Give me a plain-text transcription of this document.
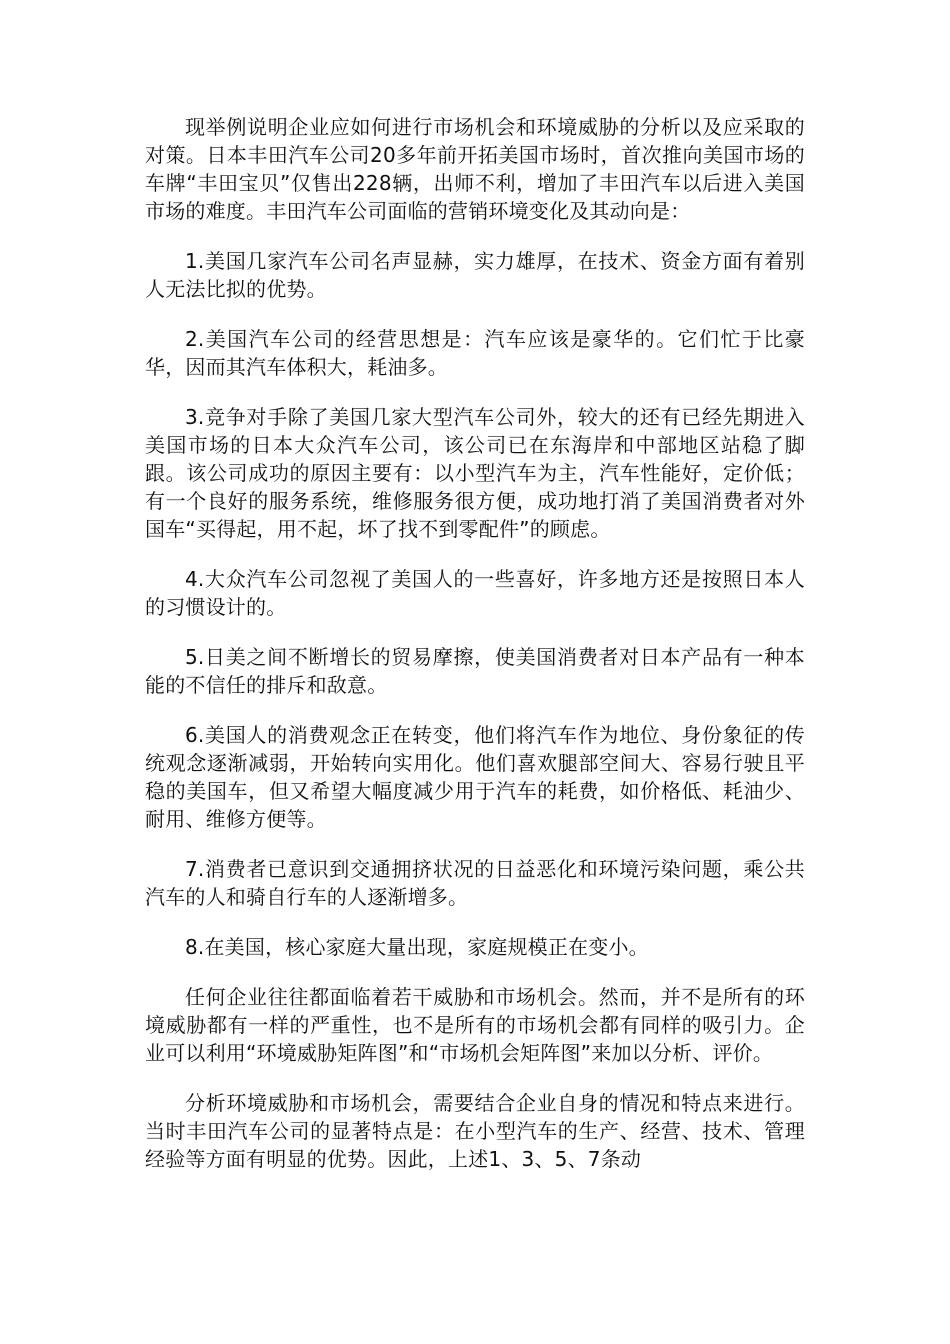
现举例说明企业应如何进行市场机会和环境威胁的分析以及应采取的对策。日本丰田汽车公司20多年前开拓美国市场时，首次推向美国市场的车牌“丰田宝贝”仅售出228辆，出师不利，增加了丰田汽车以后进入美国市场的难度。丰田汽车公司面临的营销环境变化及其动向是：

1.美国几家汽车公司名声显赫，实力雄厚，在技术、资金方面有着别人无法比拟的优势。

2.美国汽车公司的经营思想是：汽车应该是豪华的。它们忙于比豪华，因而其汽车体积大，耗油多。

3.竞争对手除了美国几家大型汽车公司外，较大的还有已经先期进入美国市场的日本大众汽车公司，该公司已在东海岸和中部地区站稳了脚跟。该公司成功的原因主要有：以小型汽车为主，汽车性能好，定价低；有一个良好的服务系统，维修服务很方便，成功地打消了美国消费者对外国车“买得起，用不起，坏了找不到零配件”的顾虑。

4.大众汽车公司忽视了美国人的一些喜好，许多地方还是按照日本人的习惯设计的。

5.日美之间不断增长的贸易摩擦，使美国消费者对日本产品有一种本能的不信任的排斥和敌意。

6.美国人的消费观念正在转变，他们将汽车作为地位、身份象征的传统观念逐渐减弱，开始转向实用化。他们喜欢腿部空间大、容易行驶且平稳的美国车，但又希望大幅度减少用于汽车的耗费，如价格低、耗油少、耐用、维修方便等。

7.消费者已意识到交通拥挤状况的日益恶化和环境污染问题，乘公共汽车的人和骑自行车的人逐渐增多。

8.在美国，核心家庭大量出现，家庭规模正在变小。

任何企业往往都面临着若干威胁和市场机会。然而，并不是所有的环境威胁都有一样的严重性，也不是所有的市场机会都有同样的吸引力。企业可以利用“环境威胁矩阵图”和“市场机会矩阵图”来加以分析、评价。

分析环境威胁和市场机会，需要结合企业自身的情况和特点来进行。当时丰田汽车公司的显著特点是：在小型汽车的生产、经营、技术、管理经验等方面有明显的优势。因此，上述1、3、5、7条动
